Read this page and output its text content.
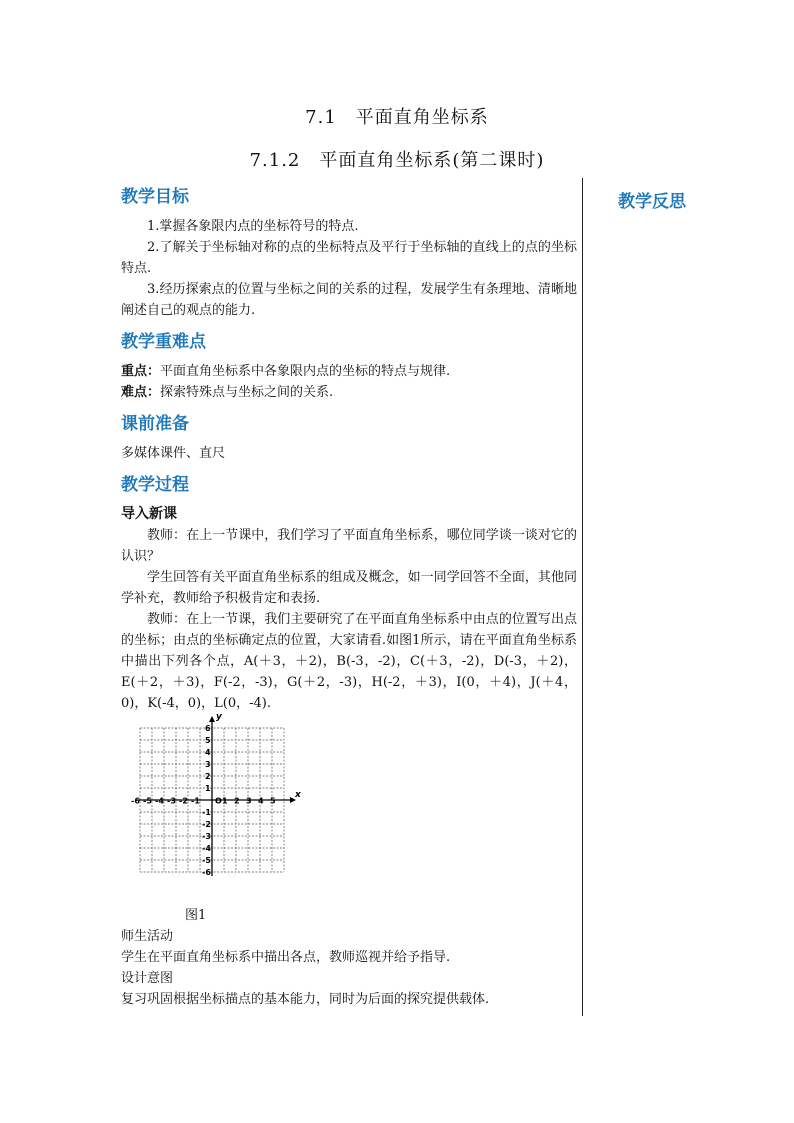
7.1　平面直角坐标系
7.1.2　平面直角坐标系(第二课时)
教学反思
教学目标

1.掌握各象限内点的坐标符号的特点.

2.了解关于坐标轴对称的点的坐标特点及平行于坐标轴的直线上的点的坐标特点.

3.经历探索点的位置与坐标之间的关系的过程，发展学生有条理地、清晰地阐述自己的观点的能力.

教学重难点

重点：平面直角坐标系中各象限内点的坐标的特点与规律.

难点：探索特殊点与坐标之间的关系.

课前准备

多媒体课件、直尺

教学过程

导入新课

教师：在上一节课中，我们学习了平面直角坐标系，哪位同学谈一谈对它的认识？

学生回答有关平面直角坐标系的组成及概念，如一同学回答不全面，其他同学补充，教师给予积极肯定和表扬.

教师：在上一节课，我们主要研究了在平面直角坐标系中由点的位置写出点的坐标；由点的坐标确定点的位置，大家请看.如图1所示，请在平面直角坐标系中描出下列各个点，A(＋3，＋2)，B(-3，-2)，C(＋3，-2)，D(-3，＋2)，E(＋2，＋3)，F(-2，-3)，G(＋2，-3)，H(-2，＋3)，I(0，＋4)，J(＋4，0)，K(-4，0)，L(0，-4).

-6 -5 -4 -3 -2 -1	1 2 3 4 5
6
5
4
3
2
1
-1
-2
-3
-4
-5
-6
O
x
y

图1

师生活动

学生在平面直角坐标系中描出各点，教师巡视并给予指导.

设计意图

复习巩固根据坐标描点的基本能力，同时为后面的探究提供载体.
